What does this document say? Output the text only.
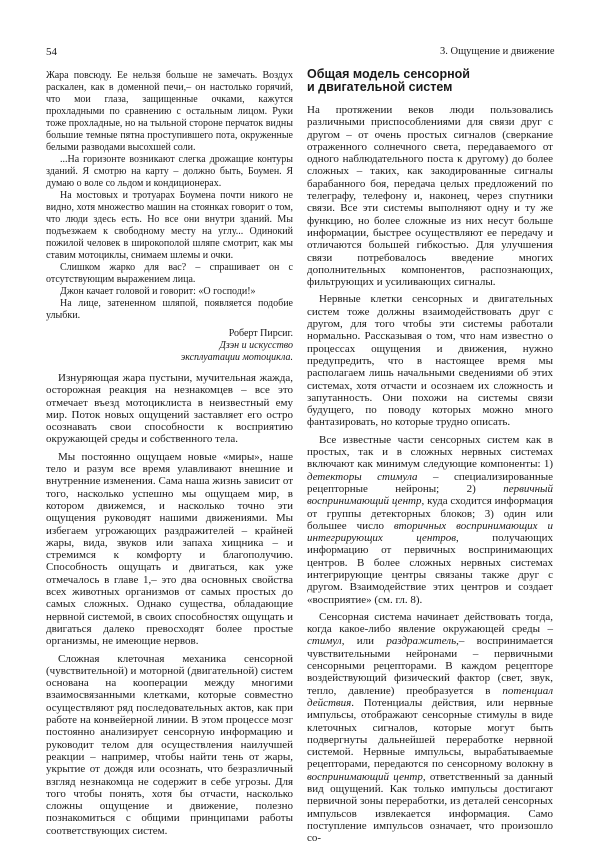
54	3. Ощущение и движение

Жара повсюду. Ее нельзя больше не замечать. Воздух раскален, как в доменной печи,– он настолько горячий, что мои глаза, защищенные очками, кажутся прохладными по сравнению с остальным лицом. Руки тоже прохладные, но на тыльной стороне перчаток видны большие темные пятна проступившего пота, окруженные белыми разводами высохшей соли.

...На горизонте возникают слегка дрожащие контуры зданий. Я смотрю на карту – должно быть, Боумен. Я думаю о воле со льдом и кондиционерах.

На мостовых и тротуарах Боумена почти никого не видно, хотя множество машин на стоянках говорит о том, что люди здесь есть. Но все они внутри зданий. Мы подъезжаем к свободному месту на углу... Одинокий пожилой человек в широкополой шляпе смотрит, как мы ставим мотоциклы, снимаем шлемы и очки.

Слишком жарко для вас? – спрашивает он с отсутствующим выражением лица.

Джон качает головой и говорит: «О господи!»

На лице, затененном шляпой, появляется подобие улыбки.

Роберт Пирсиг.
Дзэн и искусство
эксплуатации мотоцикла.

Изнуряющая жара пустыни, мучительная жажда, осторожная реакция на незнакомцев – все это отмечает въезд мотоциклиста в неизвестный ему мир. Поток новых ощущений заставляет его остро осознавать свои способности к восприятию окружающей среды и собственного тела.

Мы постоянно ощущаем новые «миры», наше тело и разум все время улавливают внешние и внутренние изменения. Сама наша жизнь зависит от того, насколько успешно мы ощущаем мир, в котором движемся, и насколько точно эти ощущения руководят нашими движениями. Мы избегаем угрожающих раздражителей – крайней жары, вида, звуков или запаха хищника – и стремимся к комфорту и благополучию. Способность ощущать и двигаться, как уже отмечалось в главе 1,– это два основных свойства всех животных организмов от самых простых до самых сложных. Однако существа, обладающие нервной системой, в своих способностях ощущать и двигаться далеко превосходят более простые организмы, не имеющие нервов.

Сложная клеточная механика сенсорной (чувствительной) и моторной (двигательной) систем основана на кооперации между многими взаимосвязанными клетками, которые совместно осуществляют ряд последовательных актов, как при работе на конвейерной линии. В этом процессе мозг постоянно анализирует сенсорную информацию и руководит телом для осуществления наилучшей реакции – например, чтобы найти тень от жары, укрытие от дождя или осознать, что безразличный взгляд незнакомца не содержит в себе угрозы. Для того чтобы понять, хотя бы отчасти, насколько сложны ощущение и движение, полезно познакомиться с общими принципами работы соответствующих систем.

Общая модель сенсорной
и двигательной систем

На протяжении веков люди пользовались различными приспособлениями для связи друг с другом – от очень простых сигналов (сверкание отраженного солнечного света, передаваемого от одного наблюдательного поста к другому) до более сложных – таких, как закодированные сигналы барабанного боя, передача целых предложений по телеграфу, телефону и, наконец, через спутники связи. Все эти системы выполняют одну и ту же функцию, но более сложные из них несут больше информации, быстрее осуществляют ее передачу и отличаются большей гибкостью. Для улучшения связи потребовалось введение многих дополнительных компонентов, распознающих, фильтрующих и усиливающих сигналы.

Нервные клетки сенсорных и двигательных систем тоже должны взаимодействовать друг с другом, для того чтобы эти системы работали нормально. Рассказывая о том, что нам известно о процессах ощущения и движения, нужно предупредить, что в настоящее время мы располагаем лишь начальными сведениями об этих системах, хотя отчасти и осознаем их сложность и запутанность. Они похожи на системы связи будущего, по поводу которых можно много фантазировать, но которые трудно описать.

Все известные части сенсорных систем как в простых, так и в сложных нервных системах включают как минимум следующие компоненты: 1) детекторы стимула – специализированные рецепторные нейроны; 2) первичный воспринимающий центр, куда сходится информация от группы детекторных блоков; 3) один или большее число вторичных воспринимающих и интегрирующих центров, получающих информацию от первичных воспринимающих центров. В более сложных нервных системах интегрирующие центры связаны также друг с другом. Взаимодействие этих центров и создает «восприятие» (см. гл. 8).

Сенсорная система начинает действовать тогда, когда какое-либо явление окружающей среды – стимул, или раздражитель,– воспринимается чувствительными нейронами – первичными сенсорными рецепторами. В каждом рецепторе воздействующий физический фактор (свет, звук, тепло, давление) преобразуется в потенциал действия. Потенциалы действия, или нервные импульсы, отображают сенсорные стимулы в виде клеточных сигналов, которые могут быть подвергнуты дальнейшей переработке нервной системой. Нервные импульсы, вырабатываемые рецепторами, передаются по сенсорному волокну в воспринимающий центр, ответственный за данный вид ощущений. Как только импульсы достигают первичной зоны переработки, из деталей сенсорных импульсов извлекается информация. Само поступление импульсов означает, что произошло со-
